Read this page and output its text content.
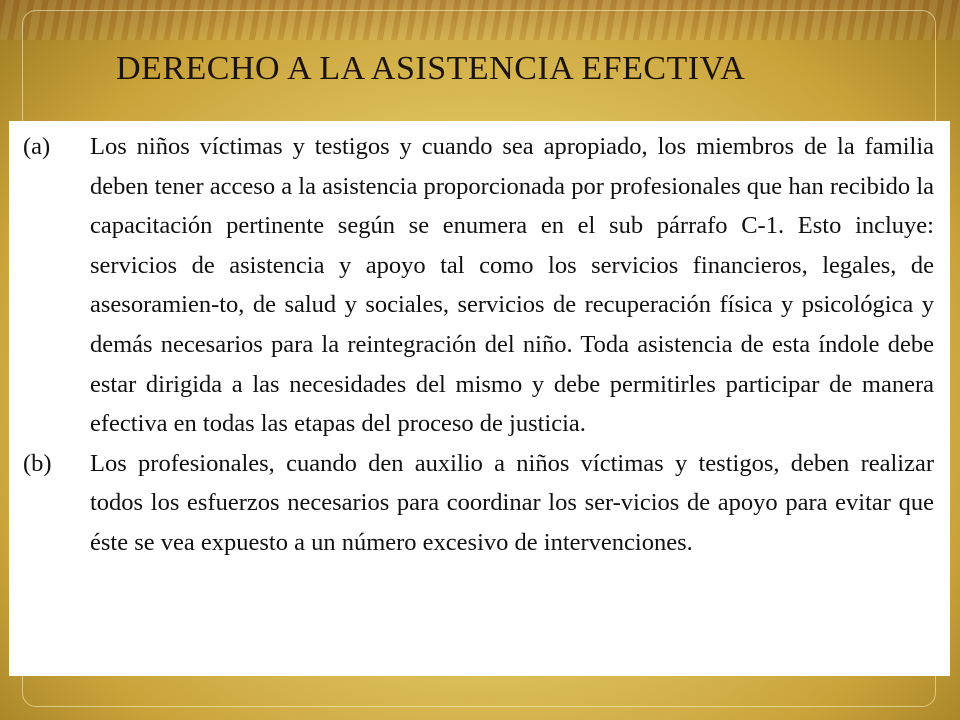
DERECHO A LA ASISTENCIA EFECTIVA
(a)	Los niños víctimas y testigos y cuando sea apropiado, los miembros de la familia deben tener acceso a la asistencia proporcionada por profesionales que han recibido la capacitación pertinente según se enumera en el sub párrafo C-1. Esto incluye: servicios de asistencia y apoyo tal como los servicios financieros, legales, de asesoramien-to, de salud y sociales, servicios de recuperación física y psicológica y demás necesarios para la reintegración del niño. Toda asistencia de esta índole debe estar dirigida a las necesidades del mismo y debe permitirles participar de manera efectiva en todas las etapas del proceso de justicia.
(b)	Los profesionales, cuando den auxilio a niños víctimas y testigos, deben realizar todos los esfuerzos necesarios para coordinar los ser-vicios de apoyo para evitar que éste se vea expuesto a un número excesivo de intervenciones.
